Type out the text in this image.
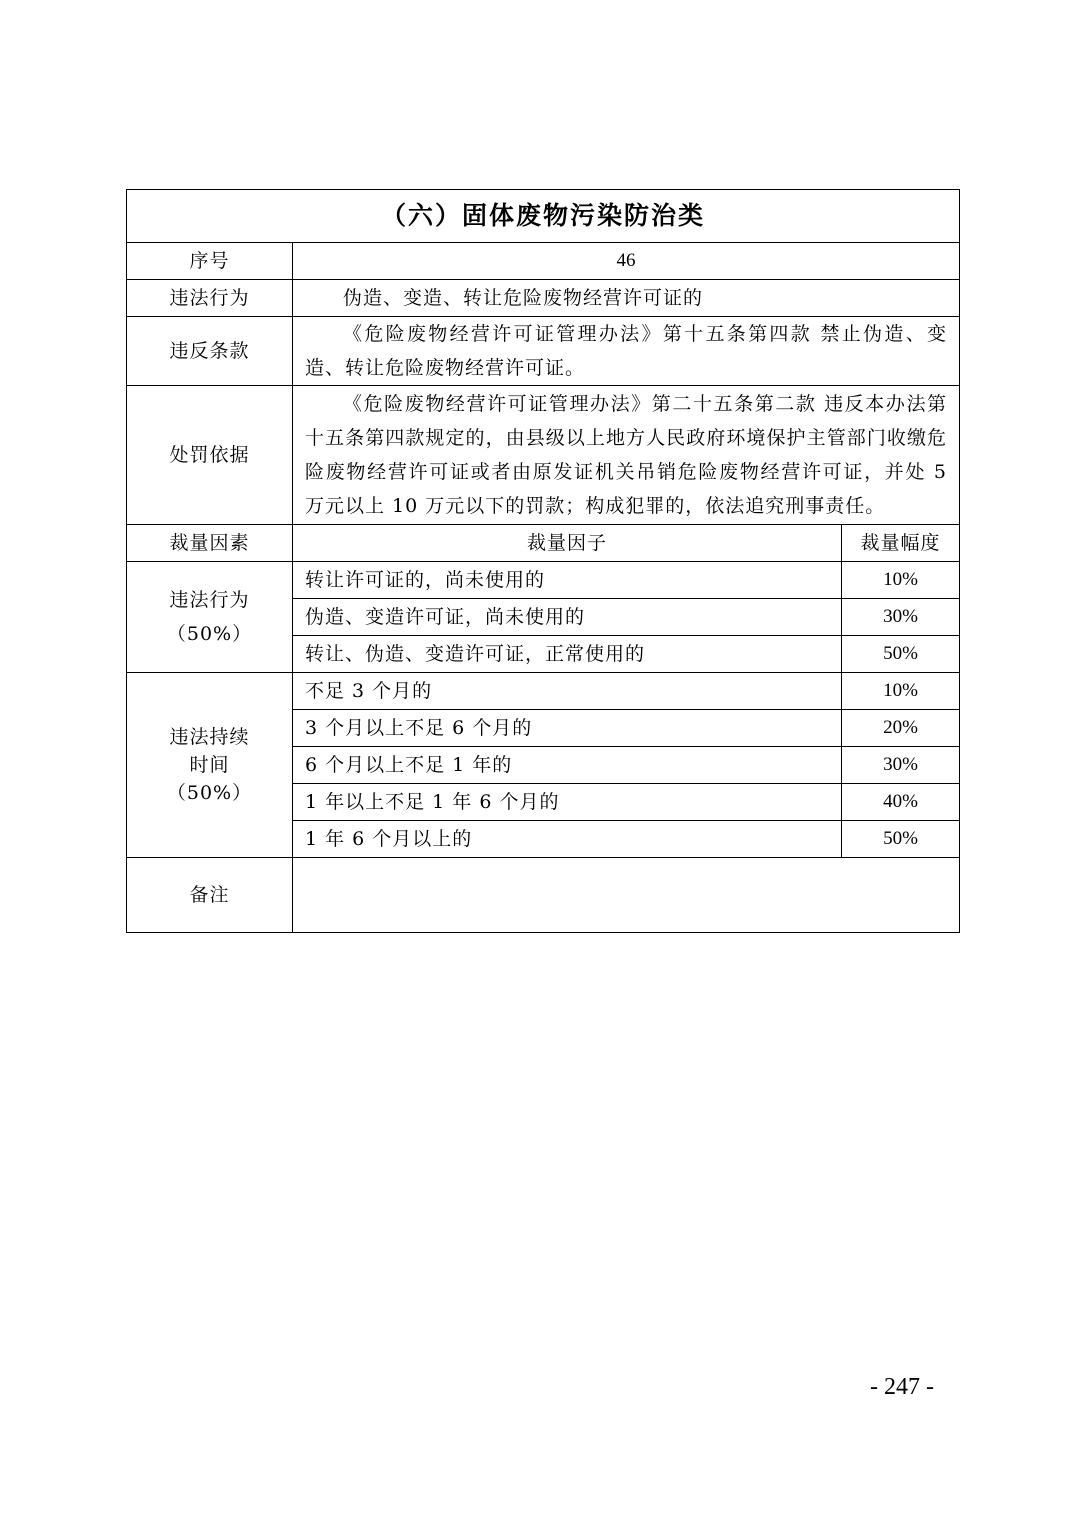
（六）固体废物污染防治类		
序号	46	
违法行为	伪造、变造、转让危险废物经营许可证的	
违反条款	《危险废物经营许可证管理办法》第十五条第四款 禁止伪造、变造、转让危险废物经营许可证。	
处罚依据	《危险废物经营许可证管理办法》第二十五条第二款 违反本办法第十五条第四款规定的，由县级以上地方人民政府环境保护主管部门收缴危险废物经营许可证或者由原发证机关吊销危险废物经营许可证，并处 5 万元以上 10 万元以下的罚款；构成犯罪的，依法追究刑事责任。	
裁量因素	裁量因子	裁量幅度

违法行为
（50%）	转让许可证的，尚未使用的	10%
	伪造、变造许可证，尚未使用的	30%
	转让、伪造、变造许可证，正常使用的	50%

违法持续
时间
（50%）	不足 3 个月的	10%
	3 个月以上不足 6 个月的	20%
	6 个月以上不足 1 年的	30%
	1 年以上不足 1 年 6 个月的	40%
	1 年 6 个月以上的	50%
备注		
- 247 -
